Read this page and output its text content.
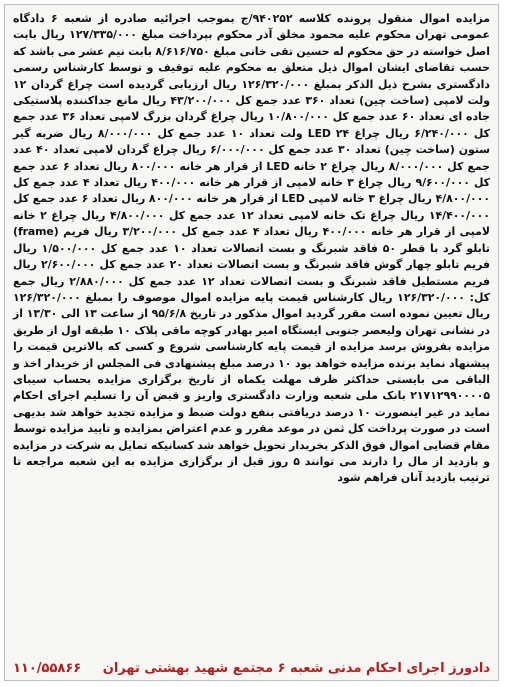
مزایده اموال منقول پرونده کلاسه ۹۴۰۲۵۲/ج بموجب اجرائیه صادره از شعبه ۶ دادگاه عمومی تهران محکوم علیه محمود مخلق آذر محکوم بپرداخت مبلغ ۱۲۷/۳۳۵/۰۰۰ ریال بابت اصل خواسته در حق محکوم له حسین تقی خانی مبلغ ۸/۶۱۶/۷۵۰ بابت نیم عشر می باشد که حسب تقاضای ایشان اموال ذیل متعلق به محکوم علیه توقیف و توسط کارشناس رسمی دادگستری بشرح ذیل الذکر بمبلغ ۱۲۶/۳۲۰/۰۰۰ ریال ارزیابی گردیده است چراغ گردان ۱۲ ولت لامپی (ساخت چین) تعداد ۳۶۰ عدد جمع کل ۴۳/۲۰۰/۰۰۰ ریال مانع جداکننده پلاستیکی جاده ای تعداد ۶۰ عدد جمع کل ۱۰/۸۰۰/۰۰۰ ریال چراغ گردان بزرگ لامپی تعداد ۳۶ عدد جمع کل ۶/۲۴۰/۰۰۰ ریال چراغ LED ۲۴ ولت تعداد ۱۰ عدد جمع کل ۸/۰۰۰/۰۰۰ ریال ضربه گیر ستون (ساخت چین) تعداد ۳۰ عدد جمع کل ۶/۰۰۰/۰۰۰ ریال چراغ گردان لامپی تعداد ۴۰ عدد جمع کل ۸/۰۰۰/۰۰۰ ریال چراغ ۲ خانه LED از قرار هر خانه ۸۰۰/۰۰۰ ریال تعداد ۶ عدد جمع کل ۹/۶۰۰/۰۰۰ ریال چراغ ۳ خانه لامپی از قرار هر خانه ۴۰۰/۰۰۰ ریال تعداد ۴ عدد جمع کل ۴/۸۰۰/۰۰۰ ریال چراغ ۳ خانه لامپی LED از قرار هر خانه ۸۰۰/۰۰۰ ریال تعداد ۶ عدد جمع کل ۱۴/۴۰۰/۰۰۰ ریال چراغ تک خانه لامپی تعداد ۱۲ عدد جمع کل ۴/۸۰۰/۰۰۰ ریال چراغ ۲ خانه لامپی از قرار هر خانه ۴۰۰/۰۰۰ ریال تعداد ۴ عدد جمع کل ۳/۲۰۰/۰۰۰ ریال فریم (frame) تابلو گرد با قطر ۵۰ فاقد شبرنگ و بست اتصالات تعداد ۱۰ عدد جمع کل ۱/۵۰۰/۰۰۰ ریال فریم تابلو چهار گوش فاقد شبرنگ و بست اتصالات تعداد ۲۰ عدد جمع کل ۲/۶۰۰/۰۰۰ ریال فریم مستطیل فاقد شبرنگ و بست اتصالات تعداد ۱۲ عدد جمع کل ۲/۸۸۰/۰۰۰ ریال جمع کل: ۱۲۶/۳۲۰/۰۰۰ ریال کارشناس قیمت پایه مزایده اموال موصوف را بمبلغ ۱۲۶/۳۲۰/۰۰۰ ریال تعیین نموده است مقرر گردید اموال مذکور در تاریخ ۹۵/۶/۸ از ساعت ۱۳ الی ۱۳/۳۰ از در نشانی تهران ولیعصر جنوبی ایستگاه امیر بهادر کوچه ماقی پلاک ۱۰ طبقه اول از طریق مزایده بفروش برسد مزایده از قیمت پایه کارشناسی شروع و کسی که بالاترین قیمت را پیشنهاد نماید برنده مزایده خواهد بود ۱۰ درصد مبلغ پیشنهادی فی المجلس از خریدار اخذ و الباقی می بایستی حداکثر ظرف مهلت یکماه از تاریخ برگزاری مزایده بحساب سیبای ۲۱۷۱۲۹۹۰۰۰۰۵ بانک ملی شعبه وزارت دادگستری واریز و قبض آن را تسلیم اجرای احکام نماید در غیر اینصورت ۱۰ درصد دریافتی بنفع دولت ضبط و مزایده تجدید خواهد شد بدیهی است در صورت پرداخت کل ثمن در موعد مقرر و عدم اعتراض بمزایده و تایید مزایده توسط مقام قضایی اموال فوق الذکر بخریدار تحویل خواهد شد کسانیکه تمایل به شرکت در مزایده و بازدید از مال را دارند می توانند ۵ روز قبل از برگزاری مزایده به این شعبه مراجعه تا ترتیب بازدید آنان فراهم شود
دادورز اجرای احکام مدنی شعبه ۶ مجتمع شهید بهشتی تهران
۱۱۰/۵۵۸۶۶
